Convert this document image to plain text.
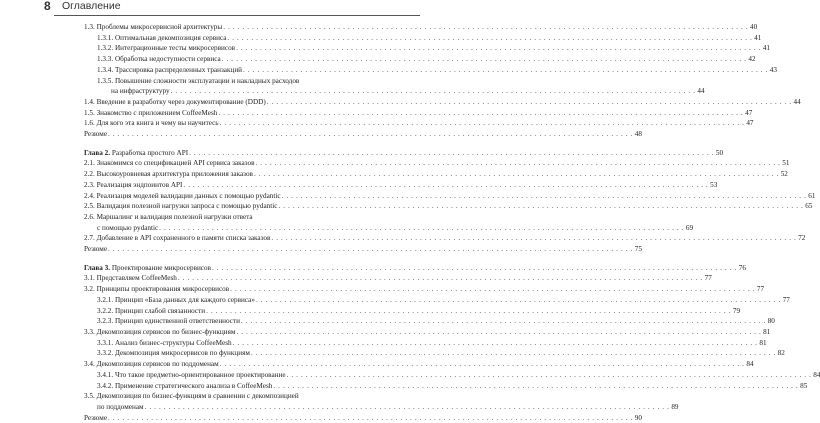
8 Оглавление
1.3. Проблемы микросервисной архитектуры . . .	40
1.3.1. Оптимальная декомпозиция сервиса . . .	41
1.3.2. Интеграционные тесты микросервисов . . .	41
1.3.3. Обработка недоступности сервиса . . .	42
1.3.4. Трассировка распределенных транзакций . . .	43
1.3.5. Повышение сложности эксплуатации и накладных расходов
на инфраструктуру . . .	44
1.4. Введение в разработку через документирование (DDD) . . .	44
1.5. Знакомство с приложением CoffeeMesh . . .	47
1.6. Для кого эта книга и чему вы научитесь . . .	47
Резюме . . .	48
Глава 2. Разработка простого API . . .	50
2.1. Знакомимся со спецификацией API сервиса заказов . . .	51
2.2. Высокоуровневая архитектура приложения заказов . . .	52
2.3. Реализация эндпоинтов API . . .	53
2.4. Реализация моделей валидации данных с помощью pydantic . . .	61
2.5. Валидация полезной нагрузки запроса с помощью pydantic . . .	65
2.6. Маршалинг и валидация полезной нагрузки ответа
с помощью pydantic . . .	69
2.7. Добавление в API сохраненного в памяти списка заказов . . .	72
Резюме . . .	75
Глава 3. Проектирование микросервисов . . .	76
3.1. Представляем CoffeeMesh . . .	77
3.2. Принципы проектирования микросервисов . . .	77
3.2.1. Принцип «База данных для каждого сервиса» . . .	77
3.2.2. Принцип слабой связанности . . .	79
3.2.3. Принцип единственной ответственности . . .	80
3.3. Декомпозиция сервисов по бизнес-функциям . . .	81
3.3.1. Анализ бизнес-структуры CoffeeMesh . . .	81
3.3.2. Декомпозиция микросервисов по функциям . . .	82
3.4. Декомпозиция сервисов по поддоменам . . .	84
3.4.1. Что такое предметно-ориентированное проектирование . . .	84
3.4.2. Применение стратегического анализа в CoffeeMesh . . .	85
3.5. Декомпозиция по бизнес-функциям в сравнении с декомпозицией
по поддоменам . . .	89
Резюме . . .	90
